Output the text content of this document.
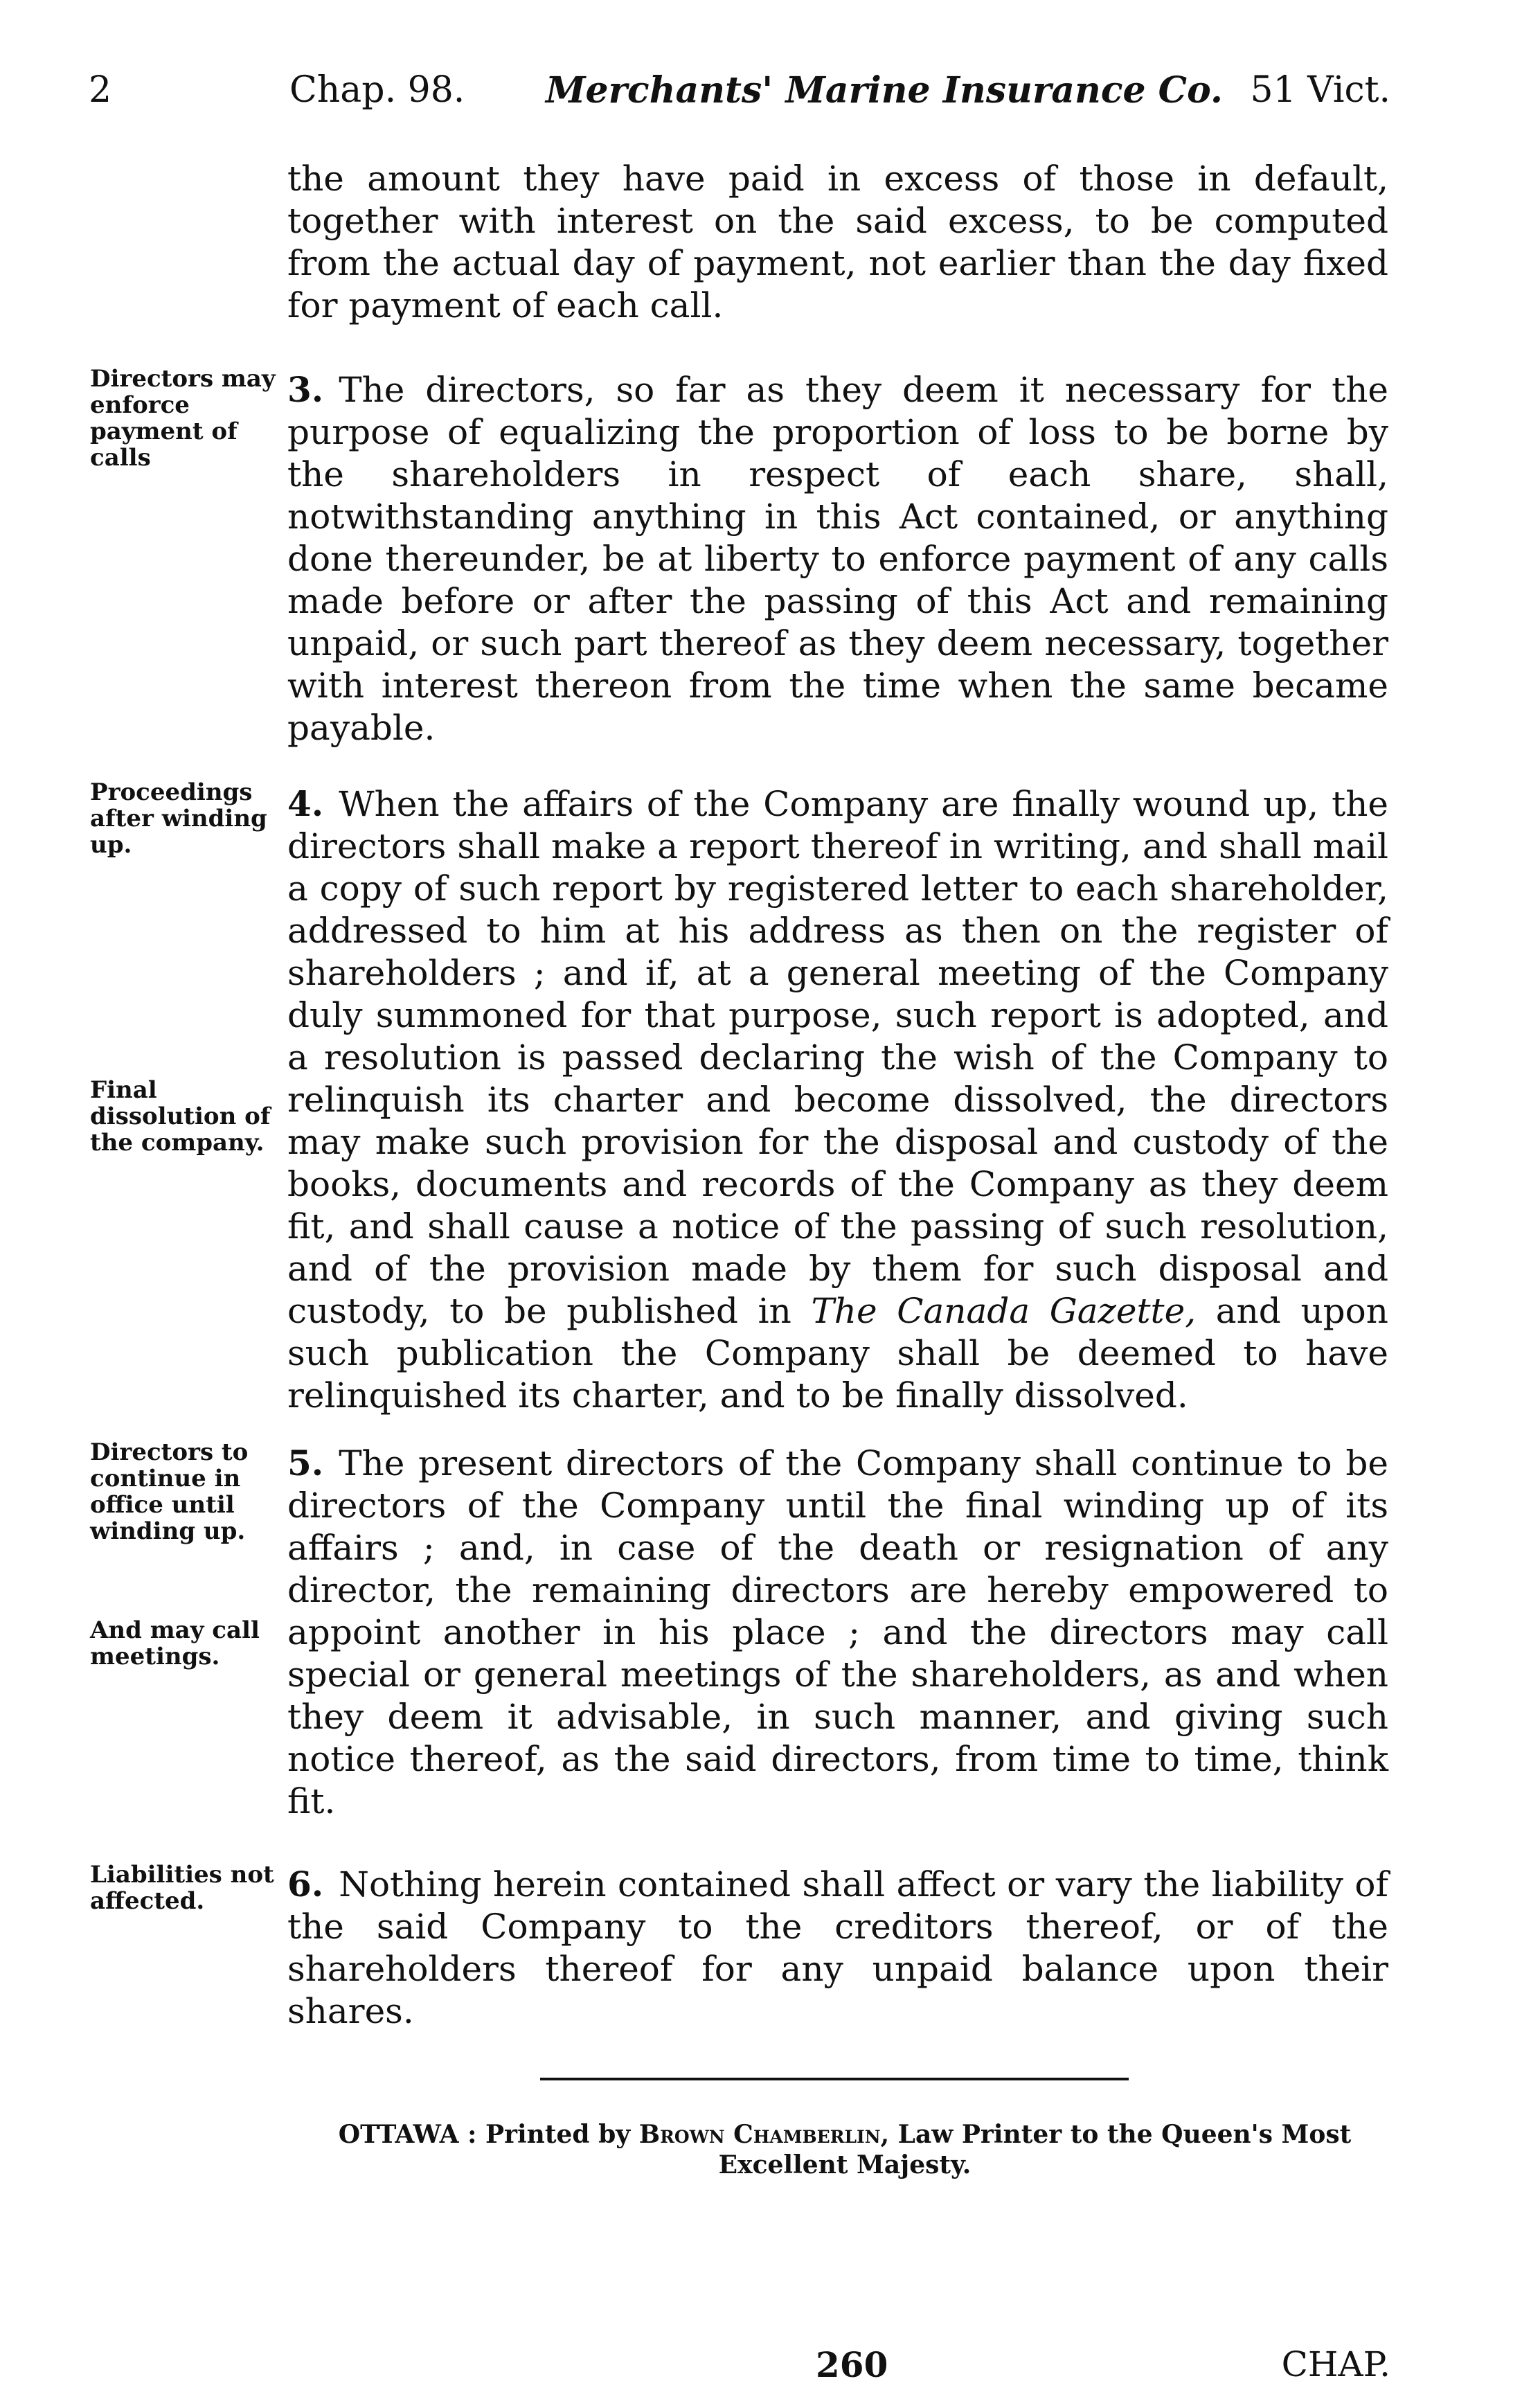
2	Chap. 98. Merchants' Marine Insurance Co. 51 Vict.

the amount they have paid in excess of those in default, together with interest on the said excess, to be computed from the actual day of payment, not earlier than the day fixed for payment of each call.

Directors may enforce payment of calls

3. The directors, so far as they deem it necessary for the purpose of equalizing the proportion of loss to be borne by the shareholders in respect of each share, shall, notwithstanding anything in this Act contained, or anything done thereunder, be at liberty to enforce payment of any calls made before or after the passing of this Act and remaining unpaid, or such part thereof as they deem necessary, together with interest thereon from the time when the same became payable.

Proceedings after winding up.
Final dissolution of the company.

4. When the affairs of the Company are finally wound up, the directors shall make a report thereof in writing, and shall mail a copy of such report by registered letter to each shareholder, addressed to him at his address as then on the register of shareholders ; and if, at a general meeting of the Company duly summoned for that purpose, such report is adopted, and a resolution is passed declaring the wish of the Company to relinquish its charter and become dissolved, the directors may make such provision for the disposal and custody of the books, documents and records of the Company as they deem fit, and shall cause a notice of the passing of such resolution, and of the provision made by them for such disposal and custody, to be published in The Canada Gazette, and upon such publication the Company shall be deemed to have relinquished its charter, and to be finally dissolved.

Directors to continue in office until winding up.
And may call meetings.

5. The present directors of the Company shall continue to be directors of the Company until the final winding up of its affairs ; and, in case of the death or resignation of any director, the remaining directors are hereby empowered to appoint another in his place ; and the directors may call special or general meetings of the shareholders, as and when they deem it advisable, in such manner, and giving such notice thereof, as the said directors, from time to time, think fit.

Liabilities not affected.	6. Nothing herein contained shall affect or vary the liability of the said Company to the creditors thereof, or of the shareholders thereof for any unpaid balance upon their shares.

OTTAWA : Printed by Brown Chamberlin, Law Printer to the Queen's Most Excellent Majesty.
260	CHAP.
